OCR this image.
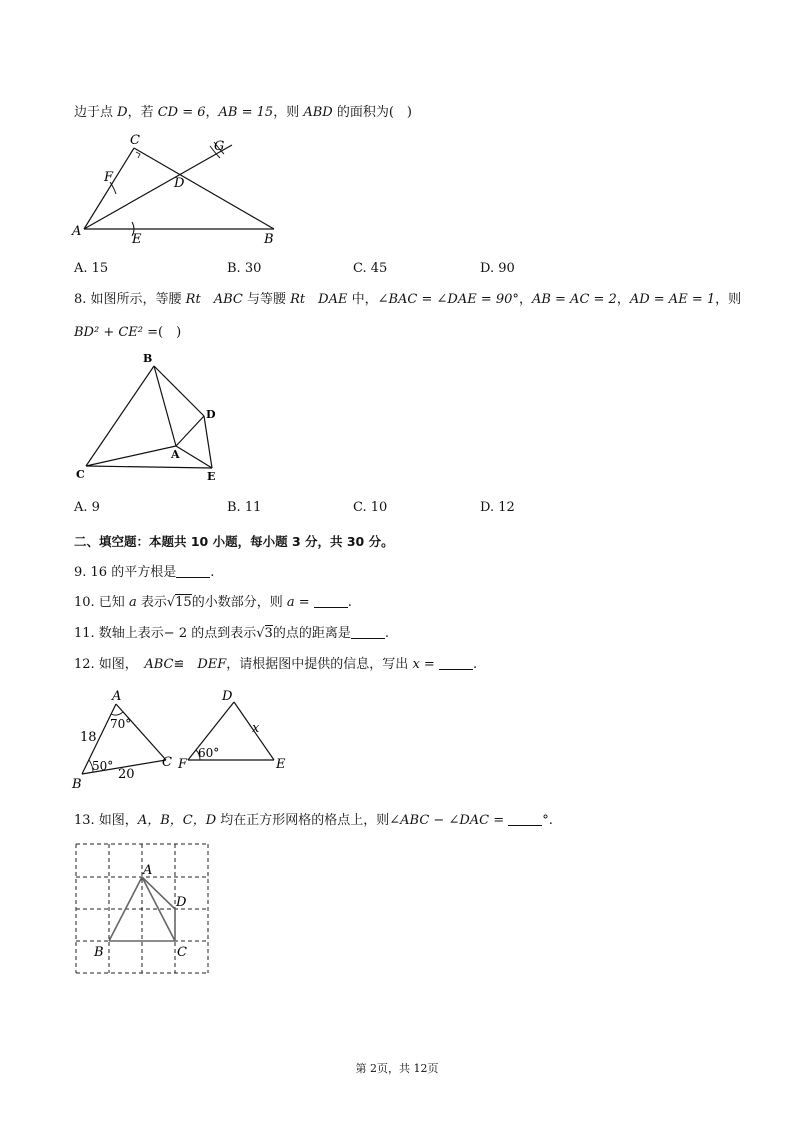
边于点 D，若 CD = 6，AB = 15，则 ABD 的面积为(　)
A
B
C
D
E
F
G
A. 15	B. 30	C. 45	D. 90
8. 如图所示，等腰 Rt　 ABC 与等腰 Rt　 DAE 中，∠BAC = ∠DAE = 90°，AB = AC = 2，AD = AE = 1，则
BD² + CE² =(　)
B
C
A
D
E
A. 9	B. 11	C. 10	D. 12
二、填空题：本题共 10 小题，每小题 3 分，共 30 分。
9. 16 的平方根是	.
10. 已知 a 表示√15的小数部分，则 a =	.
11. 数轴上表示− 2 的点到表示√3的点的距离是	.
12. 如图，　ABC≌　DEF，请根据图中提供的信息，写出 x =	.
A
B
C
18
20
70°
50°
D
E
F
x
60°
13. 如图，A，B，C，D 均在正方形网格的格点上，则∠ABC − ∠DAC =	°.
A
B	C
D
第 2页，共 12页
